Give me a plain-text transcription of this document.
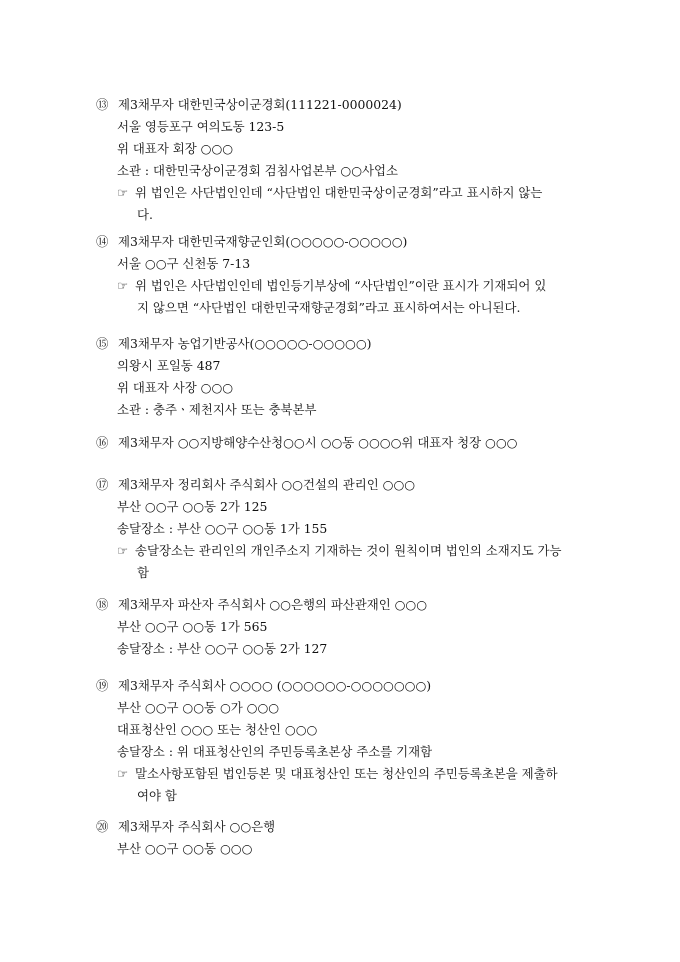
⑬ 제3채무자 대한민국상이군경회(111221-0000024)
서울 영등포구 여의도동 123-5
위 대표자 회장 ○○○
소관 : 대한민국상이군경회 검침사업본부 ○○사업소
☞ 위 법인은 사단법인인데 “사단법인 대한민국상이군경회”라고 표시하지 않는
다.
⑭ 제3채무자 대한민국재향군인회(○○○○○-○○○○○)
서울 ○○구 신천동 7-13
☞ 위 법인은 사단법인인데 법인등기부상에 “사단법인”이란 표시가 기재되어 있
지 않으면 “사단법인 대한민국재향군경회”라고 표시하여서는 아니된다.
⑮ 제3채무자 농업기반공사(○○○○○-○○○○○)
의왕시 포일동 487
위 대표자 사장 ○○○
소관 : 충주ㆍ제천지사 또는 충북본부
⑯ 제3채무자 ○○지방해양수산청○○시 ○○동 ○○○○위 대표자 청장 ○○○
⑰ 제3채무자 정리회사 주식회사 ○○건설의 관리인 ○○○
부산 ○○구 ○○동 2가 125
송달장소 : 부산 ○○구 ○○동 1가 155
☞ 송달장소는 관리인의 개인주소지 기재하는 것이 원칙이며 법인의 소재지도 가능
함
⑱ 제3채무자 파산자 주식회사 ○○은행의 파산관재인 ○○○
부산 ○○구 ○○동 1가 565
송달장소 : 부산 ○○구 ○○동 2가 127
⑲ 제3채무자 주식회사 ○○○○ (○○○○○○-○○○○○○○)
부산 ○○구 ○○동 ○가 ○○○
대표청산인 ○○○ 또는 청산인 ○○○
송달장소 : 위 대표청산인의 주민등록초본상 주소를 기재함
☞ 말소사항포함된 법인등본 및 대표청산인 또는 청산인의 주민등록초본을 제출하
여야 함
⑳ 제3채무자 주식회사 ○○은행
부산 ○○구 ○○동 ○○○
